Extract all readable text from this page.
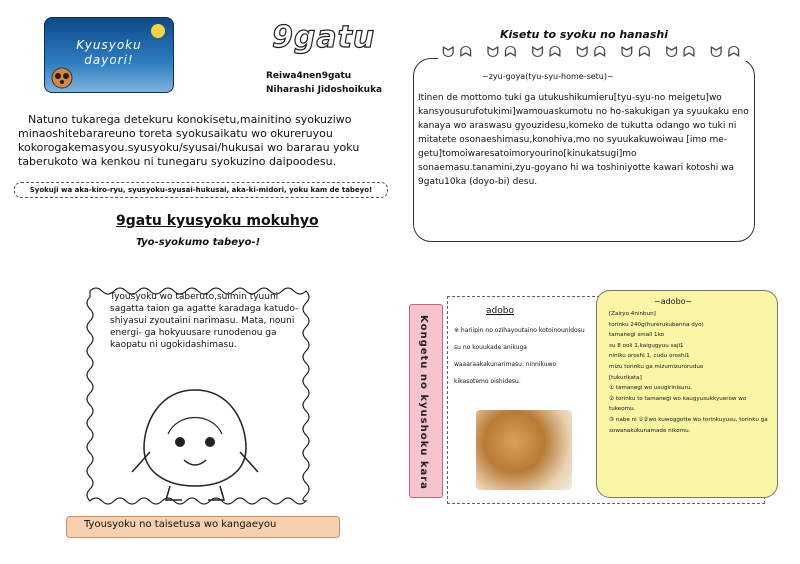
Kyusyoku
dayori!
9gatu
Reiwa4nen9gatu
Niharashi Jidoshoikuka
Natuno tukarega detekuru konokisetu,mainitino syokuziwo minaoshitebarareuno toreta syokusaikatu wo okureruyou kokorogakemasyou.syusyoku/syusai/hukusai wo bararau yoku taberukoto wa kenkou ni tunegaru syokuzino daipoodesu.
Syokuji wa aka-kiro-ryu, syusyoku-syusai-hukusai, aka-ki-midori, yoku kam de tabeyo!
9gatu kyusyoku mokuhyo
Tyo-syokumo tabeyo-!
Kisetu to syoku no hanashi
ᗢᗣ ᗢᗣ ᗢᗣ ᗢᗣ ᗢᗣ ᗢᗣ ᗢᗣ
~zyu-goya(tyu-syu-home-setu)~
Itinen de mottomo tuki ga utukushikumieru[tyu-syu-no meigetu]wo kansyousurufotukimi]wamouaskumotu no ho-sakukigan ya syuukaku eno kanaya wo araswasu gyouzidesu,komeko de tukutta odango wo tuki ni mitatete osonaeshimasu,konohiva,mo no syuukakuwoiwau [imo me-getu]tomoiwaresatoimoryourino[kinukatsugi]mo sonaemasu.tanamini,zyu-goyano hi wa toshiniyotte kawari kotoshi wa 9gatu10ka (doyo-bi) desu.
Tyousyoku wo taberuto,suimin tyuuni sagatta taion ga agatte karadaga katudo-shiyasui zyoutaini narimasu. Mata, nouni energi- ga hokyuusare runodenou ga kaopatu ni ugokidashimasu.
Tyousyoku no taisetusa wo kangaeyou
Kongetu no kyushoku kara
adobo
※ hariipin no ozihayoutaino kotoinounidosu su no kouukade anikuga waaaraakakunarimasu. ninnikuwo kikasotemo oishidesu.
~adobo~
[Zairyo 4ninbun]
torinku 240g(hurerukubanna dyo)
tamanegi small 1ko
su 8 ooli 1,kaigugyuu saji1
niniku oroshi 1, cudu oroshi1
mizu torinku ga mizumizuroruduo
[tukurikata]
① tamanegi wo usugirinisuru.
② torinku to tamanegi wo kaugyusukkyuerow wo tukeomu.
③ nabe ni ①②wo kuwoggotte wo torinkuyusu, torinku ga sowanakukunamade nikomu.
